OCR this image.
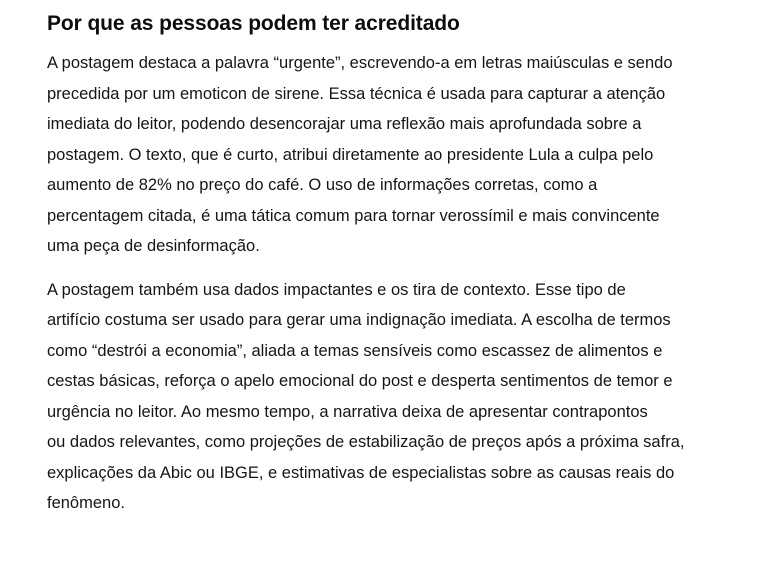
Por que as pessoas podem ter acreditado

A postagem destaca a palavra “urgente”, escrevendo-a em letras maiúsculas e sendo
precedida por um emoticon de sirene. Essa técnica é usada para capturar a atenção
imediata do leitor, podendo desencorajar uma reflexão mais aprofundada sobre a
postagem. O texto, que é curto, atribui diretamente ao presidente Lula a culpa pelo
aumento de 82% no preço do café. O uso de informações corretas, como a
percentagem citada, é uma tática comum para tornar verossímil e mais convincente
uma peça de desinformação.

A postagem também usa dados impactantes e os tira de contexto. Esse tipo de
artifício costuma ser usado para gerar uma indignação imediata. A escolha de termos
como “destrói a economia”, aliada a temas sensíveis como escassez de alimentos e
cestas básicas, reforça o apelo emocional do post e desperta sentimentos de temor e
urgência no leitor. Ao mesmo tempo, a narrativa deixa de apresentar contrapontos
ou dados relevantes, como projeções de estabilização de preços após a próxima safra,
explicações da Abic ou IBGE, e estimativas de especialistas sobre as causas reais do
fenômeno.
